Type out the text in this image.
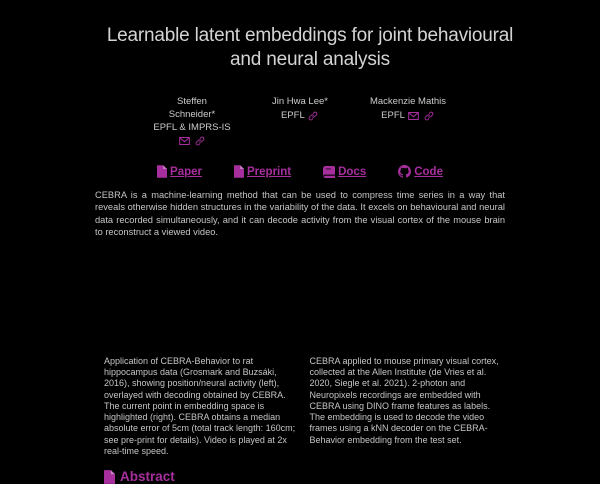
Learnable latent embeddings for joint behavioural and neural analysis
Steffen Schneider*
EPFL & IMPRS-IS
Jin Hwa Lee*
EPFL
Mackenzie Mathis
EPFL
Paper	Preprint	Docs	Code

CEBRA is a machine-learning method that can be used to compress time series in a way that reveals otherwise hidden structures in the variability of the data. It excels on behavioural and neural data recorded simultaneously, and it can decode activity from the visual cortex of the mouse brain to reconstruct a viewed video.

Application of CEBRA-Behavior to rat hippocampus data (Grosmark and Buzsáki, 2016), showing position/neural activity (left), overlayed with decoding obtained by CEBRA. The current point in embedding space is highlighted (right). CEBRA obtains a median absolute error of 5cm (total track length: 160cm; see pre-print for details). Video is played at 2x real-time speed.

CEBRA applied to mouse primary visual cortex, collected at the Allen Institute (de Vries et al. 2020, Siegle et al. 2021). 2-photon and Neuropixels recordings are embedded with CEBRA using DINO frame features as labels. The embedding is used to decode the video frames using a kNN decoder on the CEBRA-Behavior embedding from the test set.

Abstract
